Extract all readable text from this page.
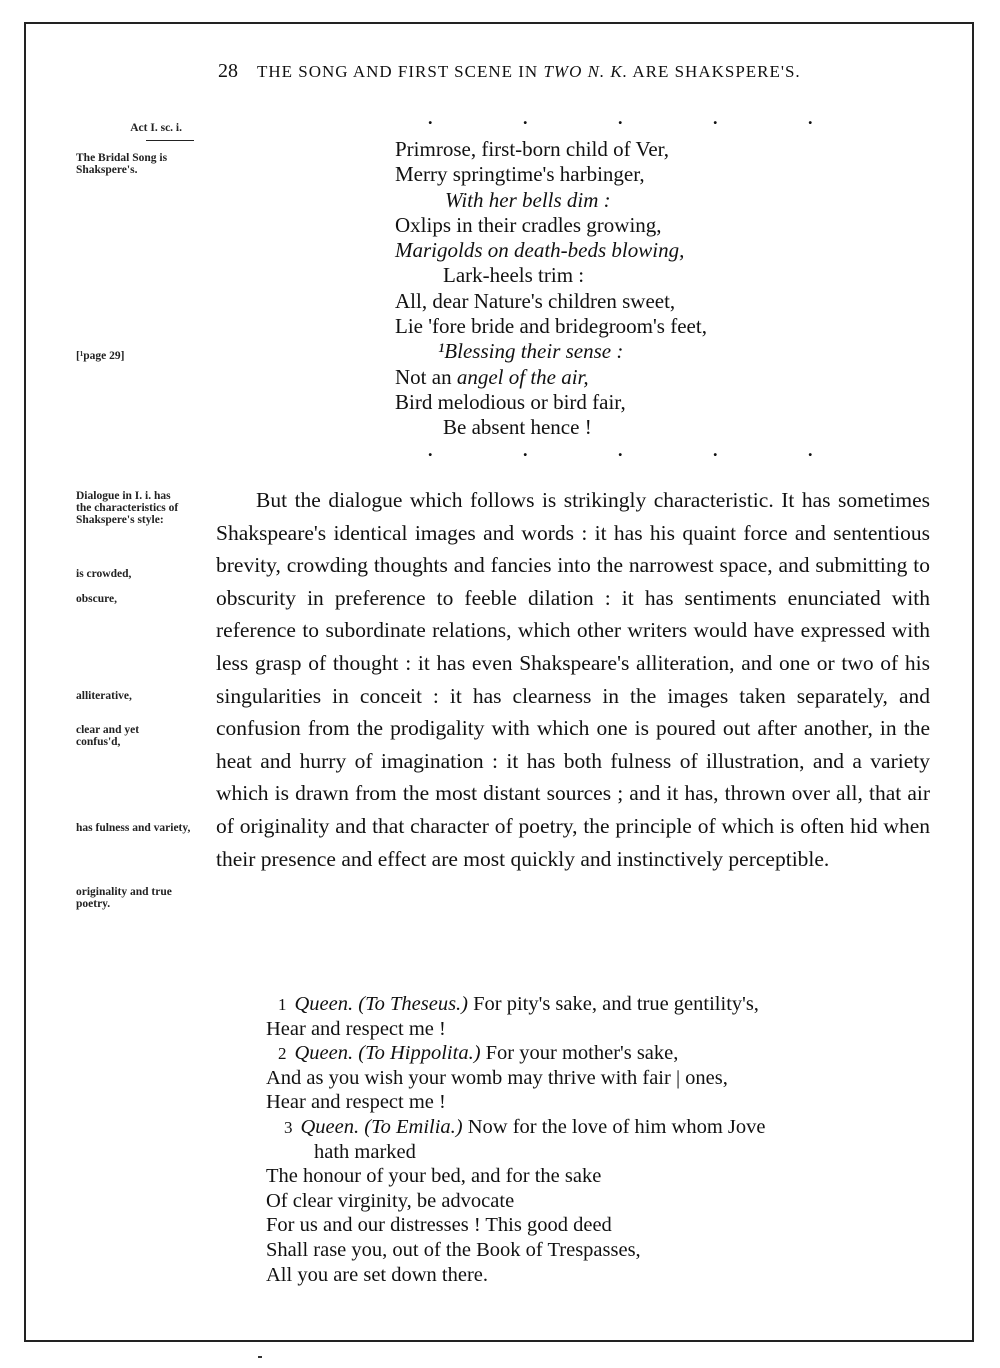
28 THE SONG AND FIRST SCENE IN TWO N. K. ARE SHAKSPERE'S.
Act I. sc. i.
The Bridal Song is Shakspere's.
[¹page 29]
Dialogue in I. i. has the characteristics of Shakspere's style:
is crowded,
obscure,
alliterative,
clear and yet confus'd,
has fulness and variety,
originality and true poetry.
.	.	.	.	.
Primrose, first-born child of Ver,
Merry springtime's harbinger,
With her bells dim :
Oxlips in their cradles growing,
Marigolds on death-beds blowing,
Lark-heels trim :
All, dear Nature's children sweet,
Lie 'fore bride and bridegroom's feet,
¹Blessing their sense :
Not an angel of the air,
Bird melodious or bird fair,
Be absent hence !
.	.	.	.	.

But the dialogue which follows is strikingly characteristic. It has sometimes Shakspeare's identical images and words : it has his quaint force and sententious brevity, crowding thoughts and fancies into the narrowest space, and submitting to obscurity in preference to feeble dilation : it has sentiments enunciated with reference to subordinate relations, which other writers would have expressed with less grasp of thought : it has even Shakspeare's alliteration, and one or two of his singularities in conceit : it has clearness in the images taken separately, and confusion from the prodigality with which one is poured out after another, in the heat and hurry of imagination : it has both fulness of illustration, and a variety which is drawn from the most distant sources ; and it has, thrown over all, that air of originality and that character of poetry, the principle of which is often hid when their presence and effect are most quickly and instinctively perceptible.

1 Queen. (To Theseus.) For pity's sake, and true gentility's,
Hear and respect me !
2 Queen. (To Hippolita.) For your mother's sake,
And as you wish your womb may thrive with fair | ones,
Hear and respect me !
3 Queen. (To Emilia.) Now for the love of him whom Jove
hath marked
The honour of your bed, and for the sake
Of clear virginity, be advocate
For us and our distresses ! This good deed
Shall rase you, out of the Book of Trespasses,
All you are set down there.
